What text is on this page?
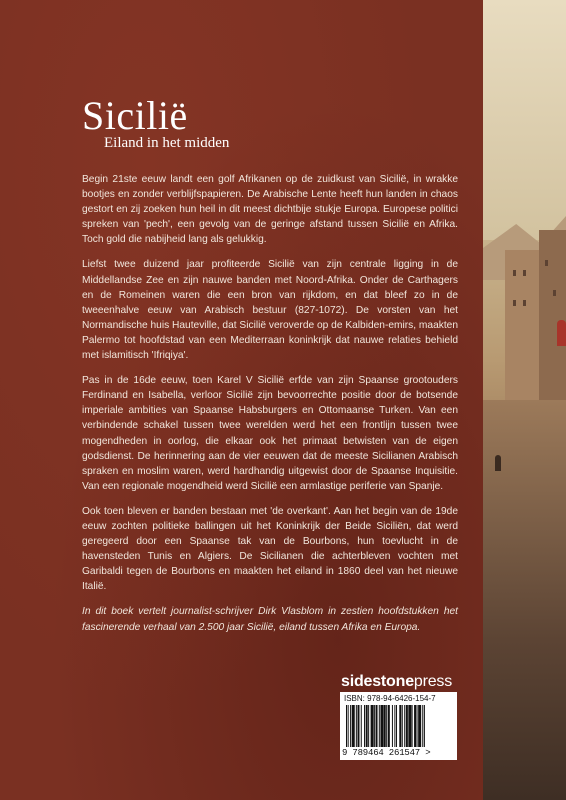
Sicilië
Eiland in het midden

Begin 21ste eeuw landt een golf Afrikanen op de zuidkust van Sicilië, in wrakke bootjes en zonder verblijfspapieren. De Arabische Lente heeft hun landen in chaos gestort en zij zoeken hun heil in dit meest dichtbije stukje Europa. Europese politici spreken van 'pech', een gevolg van de geringe afstand tussen Sicilië en Afrika. Toch gold die nabijheid lang als gelukkig.

Liefst twee duizend jaar profiteerde Sicilië van zijn centrale ligging in de Middellandse Zee en zijn nauwe banden met Noord-Afrika. Onder de Carthagers en de Romeinen waren die een bron van rijkdom, en dat bleef zo in de tweeenhalve eeuw van Arabisch bestuur (827-1072). De vorsten van het Normandische huis Hauteville, dat Sicilië veroverde op de Kalbiden-emirs, maakten Palermo tot hoofdstad van een Mediterraan koninkrijk dat nauwe relaties behield met islamitisch 'Ifriqiya'.

Pas in de 16de eeuw, toen Karel V Sicilië erfde van zijn Spaanse grootouders Ferdinand en Isabella, verloor Sicilië zijn bevoorrechte positie door de botsende imperiale ambities van Spaanse Habsburgers en Ottomaanse Turken. Van een verbindende schakel tussen twee werelden werd het een frontlijn tussen twee mogendheden in oorlog, die elkaar ook het primaat betwisten van de eigen godsdienst. De herinnering aan de vier eeuwen dat de meeste Sicilianen Arabisch spraken en moslim waren, werd hardhandig uitgewist door de Spaanse Inquisitie. Van een regionale mogendheid werd Sicilië een armlastige periferie van Spanje.

Ook toen bleven er banden bestaan met 'de overkant'. Aan het begin van de 19de eeuw zochten politieke ballingen uit het Koninkrijk der Beide Siciliën, dat werd geregeerd door een Spaanse tak van de Bourbons, hun toevlucht in de havensteden Tunis en Algiers. De Sicilianen die achterbleven vochten met Garibaldi tegen de Bourbons en maakten het eiland in 1860 deel van het nieuwe Italië.

In dit boek vertelt journalist-schrijver Dirk Vlasblom in zestien hoofdstukken het fascinerende verhaal van 2.500 jaar Sicilië, eiland tussen Afrika en Europa.

sidestonepress
ISBN: 978-94-6426-154-7
9 789464 261547 >
